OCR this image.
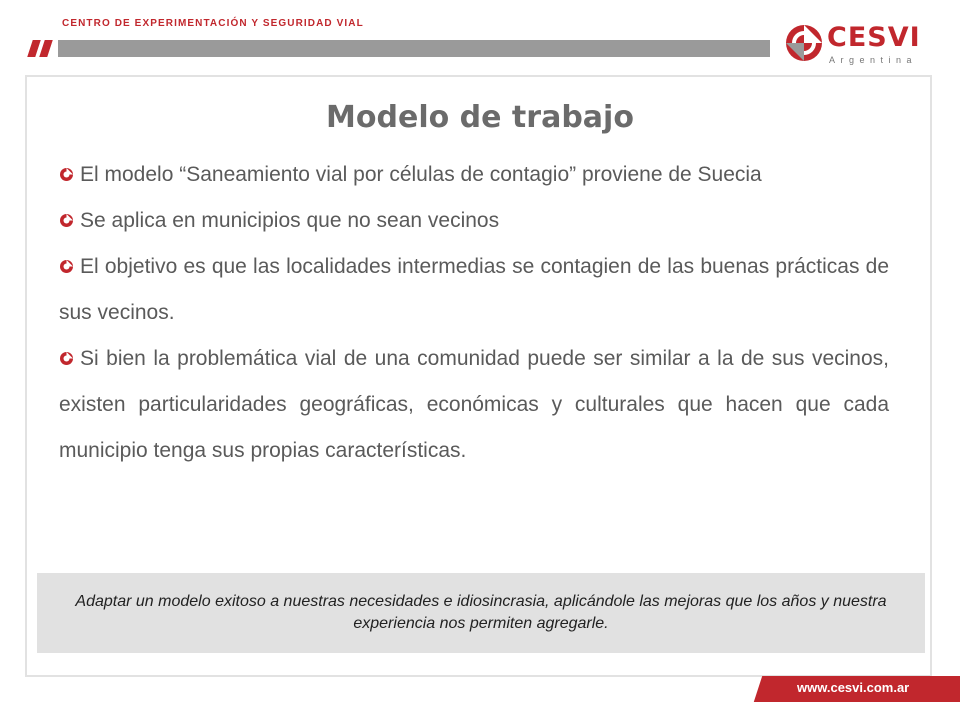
CENTRO DE EXPERIMENTACIÓN Y SEGURIDAD VIAL	CESVI
Argentina
Modelo de trabajo

El modelo “Saneamiento vial por células de contagio” proviene de Suecia

Se aplica en municipios que no sean vecinos

El objetivo es que las localidades intermedias se contagien de las buenas prácticas de sus vecinos.

Si bien la problemática vial de una comunidad puede ser similar a la de sus vecinos, existen particularidades geográficas, económicas y culturales que hacen que cada municipio tenga sus propias características.

Adaptar un modelo exitoso a nuestras necesidades e idiosincrasia, aplicándole las mejoras que los años y nuestra experiencia nos permiten agregarle.
www.cesvi.com.ar
